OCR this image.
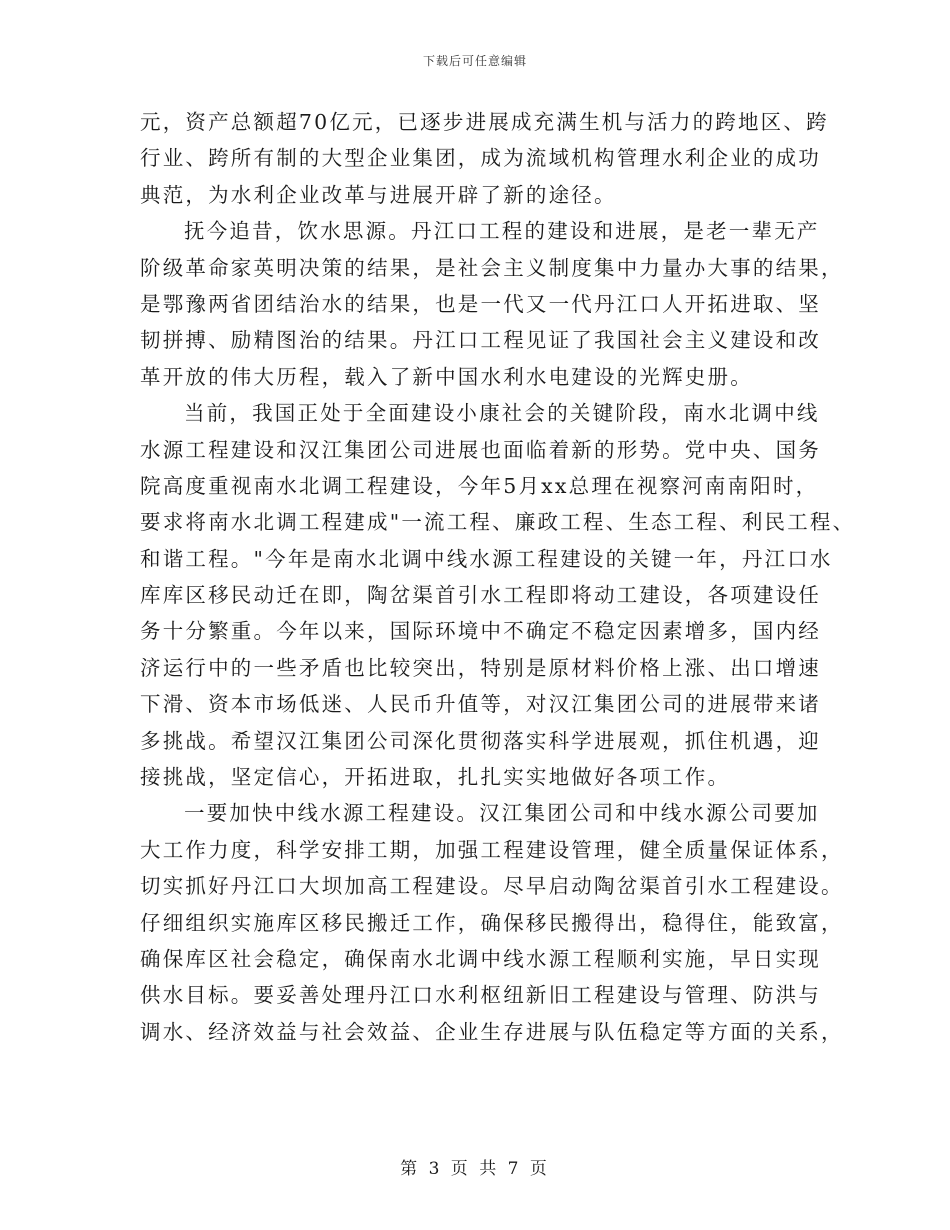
下载后可任意编辑
元，资产总额超70亿元，已逐步进展成充满生机与活力的跨地区、跨
行业、跨所有制的大型企业集团，成为流域机构管理水利企业的成功
典范，为水利企业改革与进展开辟了新的途径。
抚今追昔，饮水思源。丹江口工程的建设和进展，是老一辈无产
阶级革命家英明决策的结果，是社会主义制度集中力量办大事的结果，
是鄂豫两省团结治水的结果，也是一代又一代丹江口人开拓进取、坚
韧拼搏、励精图治的结果。丹江口工程见证了我国社会主义建设和改
革开放的伟大历程，载入了新中国水利水电建设的光辉史册。
当前，我国正处于全面建设小康社会的关键阶段，南水北调中线
水源工程建设和汉江集团公司进展也面临着新的形势。党中央、国务
院高度重视南水北调工程建设，今年5月xx总理在视察河南南阳时，
要求将南水北调工程建成"一流工程、廉政工程、生态工程、利民工程、
和谐工程。"今年是南水北调中线水源工程建设的关键一年，丹江口水
库库区移民动迁在即，陶岔渠首引水工程即将动工建设，各项建设任
务十分繁重。今年以来，国际环境中不确定不稳定因素增多，国内经
济运行中的一些矛盾也比较突出，特别是原材料价格上涨、出口增速
下滑、资本市场低迷、人民币升值等，对汉江集团公司的进展带来诸
多挑战。希望汉江集团公司深化贯彻落实科学进展观，抓住机遇，迎
接挑战，坚定信心，开拓进取，扎扎实实地做好各项工作。
一要加快中线水源工程建设。汉江集团公司和中线水源公司要加
大工作力度，科学安排工期，加强工程建设管理，健全质量保证体系，
切实抓好丹江口大坝加高工程建设。尽早启动陶岔渠首引水工程建设。
仔细组织实施库区移民搬迁工作，确保移民搬得出，稳得住，能致富，
确保库区社会稳定，确保南水北调中线水源工程顺利实施，早日实现
供水目标。要妥善处理丹江口水利枢纽新旧工程建设与管理、防洪与
调水、经济效益与社会效益、企业生存进展与队伍稳定等方面的关系，
第 3 页 共 7 页
